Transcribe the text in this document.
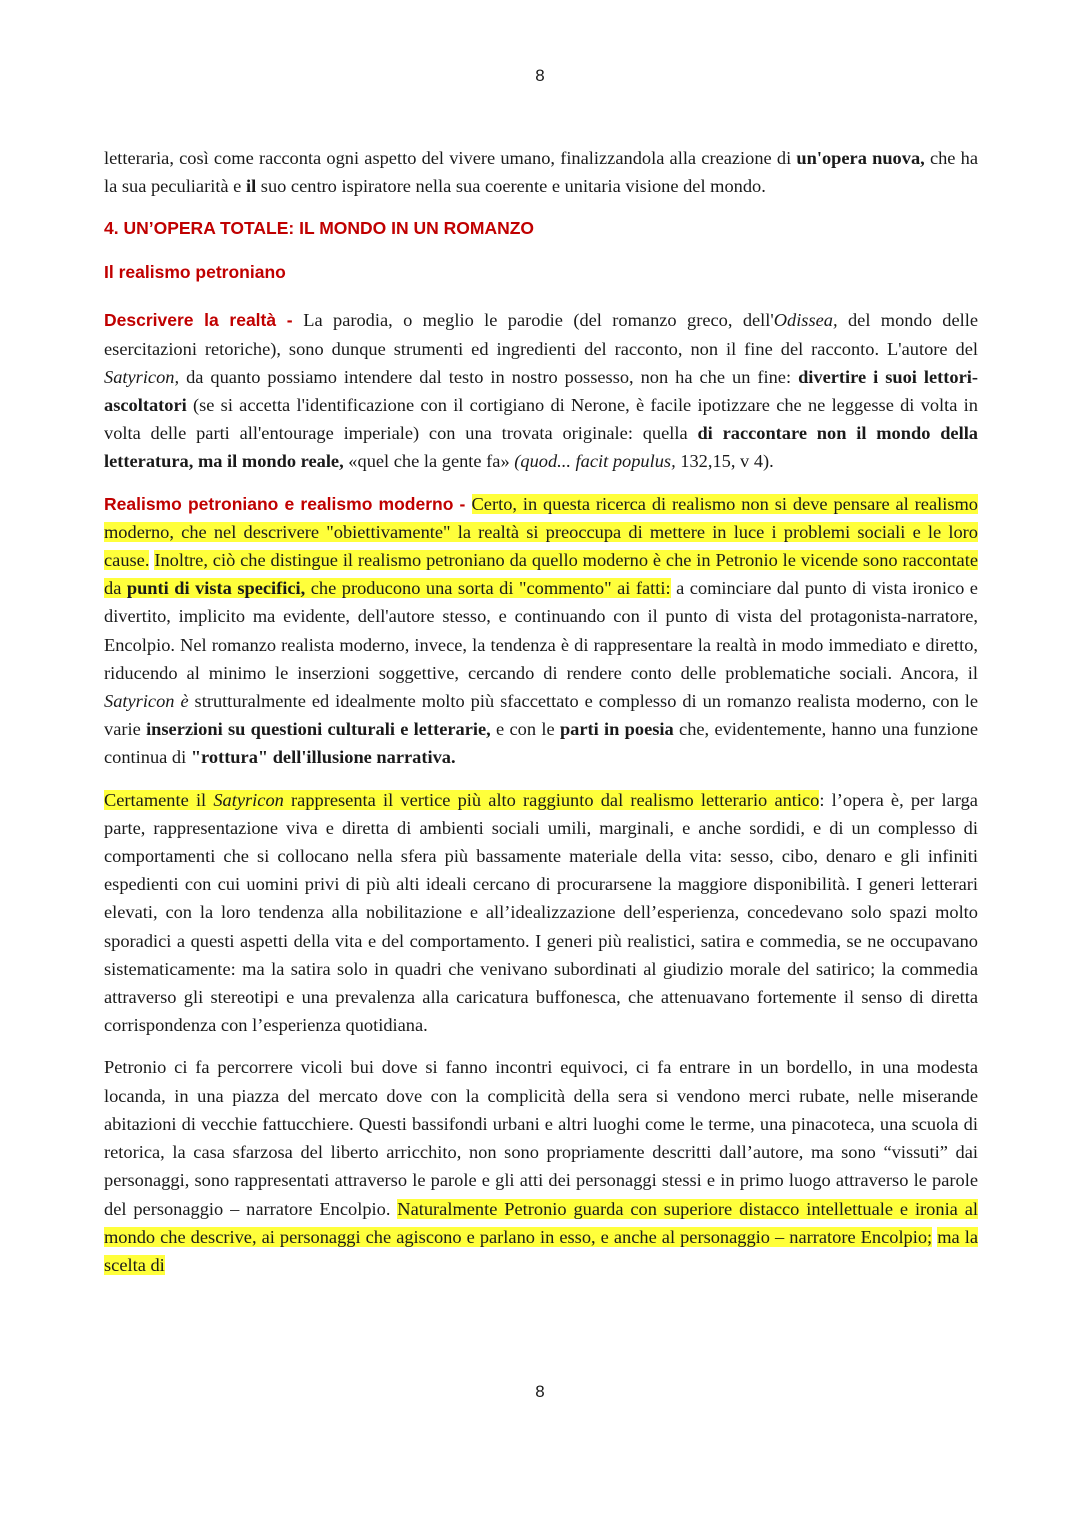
8

letteraria, così come racconta ogni aspetto del vivere umano, finalizzandola alla creazione di un'opera nuova, che ha la sua peculiarità e il suo centro ispiratore nella sua coerente e unitaria visione del mondo.

4. UN’OPERA TOTALE: IL MONDO IN UN ROMANZO
Il realismo petroniano

Descrivere la realtà - La parodia, o meglio le parodie (del romanzo greco, dell'Odissea, del mondo delle esercitazioni retoriche), sono dunque strumenti ed ingredienti del racconto, non il fine del racconto. L'autore del Satyricon, da quanto possiamo intendere dal testo in nostro possesso, non ha che un fine: divertire i suoi lettori-ascoltatori (se si accetta l'identificazione con il cortigiano di Nerone, è facile ipotizzare che ne leggesse di volta in volta delle parti all'entourage imperiale) con una trovata originale: quella di raccontare non il mondo della letteratura, ma il mondo reale, «quel che la gente fa» (quod... facit populus, 132,15, v 4).

Realismo petroniano e realismo moderno - Certo, in questa ricerca di realismo non si deve pensare al realismo moderno, che nel descrivere "obiettivamente" la realtà si preoccupa di mettere in luce i problemi sociali e le loro cause. Inoltre, ciò che distingue il realismo petroniano da quello moderno è che in Petronio le vicende sono raccontate da punti di vista specifici, che producono una sorta di "commento" ai fatti: a cominciare dal punto di vista ironico e divertito, implicito ma evidente, dell'autore stesso, e continuando con il punto di vista del protagonista-narratore, Encolpio. Nel romanzo realista moderno, invece, la tendenza è di rappresentare la realtà in modo immediato e diretto, riducendo al minimo le inserzioni soggettive, cercando di rendere conto delle problematiche sociali. Ancora, il Satyricon è strutturalmente ed idealmente molto più sfaccettato e complesso di un romanzo realista moderno, con le varie inserzioni su questioni culturali e letterarie, e con le parti in poesia che, evidentemente, hanno una funzione continua di "rottura" dell'illusione narrativa.

Certamente il Satyricon rappresenta il vertice più alto raggiunto dal realismo letterario antico: l’opera è, per larga parte, rappresentazione viva e diretta di ambienti sociali umili, marginali, e anche sordidi, e di un complesso di comportamenti che si collocano nella sfera più bassamente materiale della vita: sesso, cibo, denaro e gli infiniti espedienti con cui uomini privi di più alti ideali cercano di procurarsene la maggiore disponibilità. I generi letterari elevati, con la loro tendenza alla nobilitazione e all’idealizzazione dell’esperienza, concedevano solo spazi molto sporadici a questi aspetti della vita e del comportamento. I generi più realistici, satira e commedia, se ne occupavano sistematicamente: ma la satira solo in quadri che venivano subordinati al giudizio morale del satirico; la commedia attraverso gli stereotipi e una prevalenza alla caricatura buffonesca, che attenuavano fortemente il senso di diretta corrispondenza con l’esperienza quotidiana.

Petronio ci fa percorrere vicoli bui dove si fanno incontri equivoci, ci fa entrare in un bordello, in una modesta locanda, in una piazza del mercato dove con la complicità della sera si vendono merci rubate, nelle miserande abitazioni di vecchie fattucchiere. Questi bassifondi urbani e altri luoghi come le terme, una pinacoteca, una scuola di retorica, la casa sfarzosa del liberto arricchito, non sono propriamente descritti dall’autore, ma sono “vissuti” dai personaggi, sono rappresentati attraverso le parole e gli atti dei personaggi stessi e in primo luogo attraverso le parole del personaggio – narratore Encolpio. Naturalmente Petronio guarda con superiore distacco intellettuale e ironia al mondo che descrive, ai personaggi che agiscono e parlano in esso, e anche al personaggio – narratore Encolpio; ma la scelta di

8
